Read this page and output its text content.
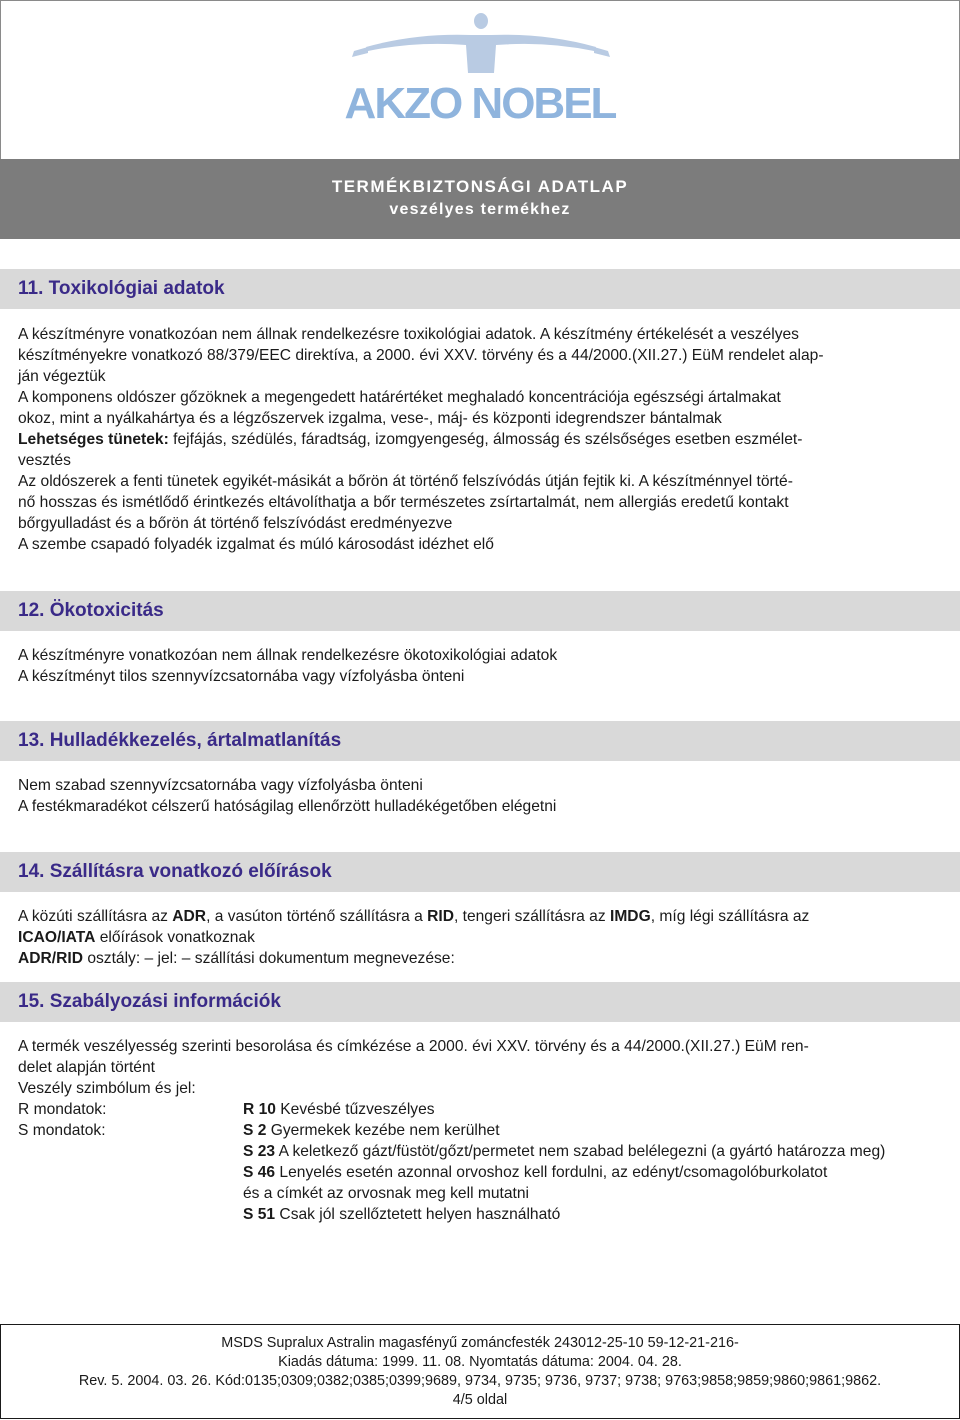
AKZO NOBEL
TERMÉKBIZTONSÁGI ADATLAP
veszélyes termékhez
11. Toxikológiai adatok
A készítményre vonatkozóan nem állnak rendelkezésre toxikológiai adatok. A készítmény értékelését a veszélyes
készítményekre vonatkozó 88/379/EEC direktíva, a 2000. évi XXV. törvény és a 44/2000.(XII.27.) EüM rendelet alap-
ján végeztük
A komponens oldószer gőzöknek a megengedett határértéket meghaladó koncentrációja egészségi ártalmakat
okoz, mint a nyálkahártya és a légzőszervek izgalma, vese-, máj- és központi idegrendszer bántalmak
Lehetséges tünetek: fejfájás, szédülés, fáradtság, izomgyengeség, álmosság és szélsőséges esetben eszmélet-
vesztés
Az oldószerek a fenti tünetek egyikét-másikát a bőrön át történő felszívódás útján fejtik ki. A készítménnyel törté-
nő hosszas és ismétlődő érintkezés eltávolíthatja a bőr természetes zsírtartalmát, nem allergiás eredetű kontakt
bőrgyulladást és a bőrön át történő felszívódást eredményezve
A szembe csapadó folyadék izgalmat és múló károsodást idézhet elő
12. Ökotoxicitás
A készítményre vonatkozóan nem állnak rendelkezésre ökotoxikológiai adatok
A készítményt tilos szennyvízcsatornába vagy vízfolyásba önteni
13. Hulladékkezelés, ártalmatlanítás
Nem szabad szennyvízcsatornába vagy vízfolyásba önteni
A festékmaradékot célszerű hatóságilag ellenőrzött hulladékégetőben elégetni
14. Szállításra vonatkozó előírások
A közúti szállításra az ADR, a vasúton történő szállításra a RID, tengeri szállításra az IMDG, míg légi szállításra az
ICAO/IATA előírások vonatkoznak
ADR/RID osztály: – jel: – szállítási dokumentum megnevezése:
15. Szabályozási információk
A termék veszélyesség szerinti besorolása és címkézése a 2000. évi XXV. törvény és a 44/2000.(XII.27.) EüM ren-
delet alapján történt
Veszély szimbólum és jel:
R mondatok:
S mondatok:
R 10 Kevésbé tűzveszélyes
S 2 Gyermekek kezébe nem kerülhet
S 23 A keletkező gázt/füstöt/gőzt/permetet nem szabad belélegezni (a gyártó határozza meg)
S 46 Lenyelés esetén azonnal orvoshoz kell fordulni, az edényt/csomagolóburkolatot
és a címkét az orvosnak meg kell mutatni
S 51 Csak jól szellőztetett helyen használható
MSDS Supralux Astralin magasfényű zománcfesték 243012-25-10 59-12-21-216-
Kiadás dátuma: 1999. 11. 08. Nyomtatás dátuma: 2004. 04. 28.
Rev. 5. 2004. 03. 26. Kód:0135;0309;0382;0385;0399;9689, 9734, 9735; 9736, 9737; 9738; 9763;9858;9859;9860;9861;9862.
4/5 oldal
